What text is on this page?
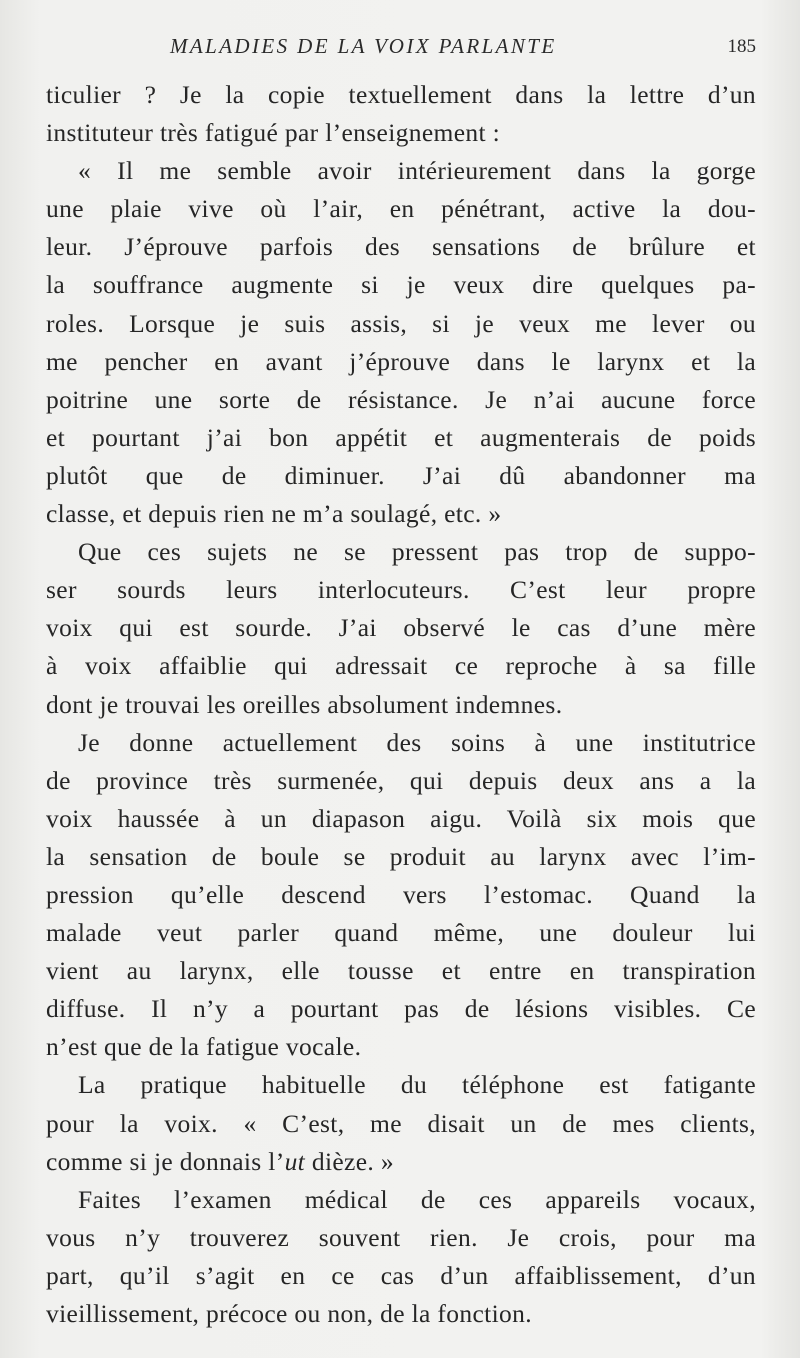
MALADIES DE LA VOIX PARLANTE	185
ticulier ? Je la copie textuellement dans la lettre d’un
instituteur très fatigué par l’enseignement :
« Il me semble avoir intérieurement dans la gorge
une plaie vive où l’air, en pénétrant, active la dou-
leur. J’éprouve parfois des sensations de brûlure et
la souffrance augmente si je veux dire quelques pa-
roles. Lorsque je suis assis, si je veux me lever ou
me pencher en avant j’éprouve dans le larynx et la
poitrine une sorte de résistance. Je n’ai aucune force
et pourtant j’ai bon appétit et augmenterais de poids
plutôt que de diminuer. J’ai dû abandonner ma
classe, et depuis rien ne m’a soulagé, etc. »
Que ces sujets ne se pressent pas trop de suppo-
ser sourds leurs interlocuteurs. C’est leur propre
voix qui est sourde. J’ai observé le cas d’une mère
à voix affaiblie qui adressait ce reproche à sa fille
dont je trouvai les oreilles absolument indemnes.
Je donne actuellement des soins à une institutrice
de province très surmenée, qui depuis deux ans a la
voix haussée à un diapason aigu. Voilà six mois que
la sensation de boule se produit au larynx avec l’im-
pression qu’elle descend vers l’estomac. Quand la
malade veut parler quand même, une douleur lui
vient au larynx, elle tousse et entre en transpiration
diffuse. Il n’y a pourtant pas de lésions visibles. Ce
n’est que de la fatigue vocale.
La pratique habituelle du téléphone est fatigante
pour la voix. « C’est, me disait un de mes clients,
comme si je donnais l’ut dièze. »
Faites l’examen médical de ces appareils vocaux,
vous n’y trouverez souvent rien. Je crois, pour ma
part, qu’il s’agit en ce cas d’un affaiblissement, d’un
vieillissement, précoce ou non, de la fonction.
